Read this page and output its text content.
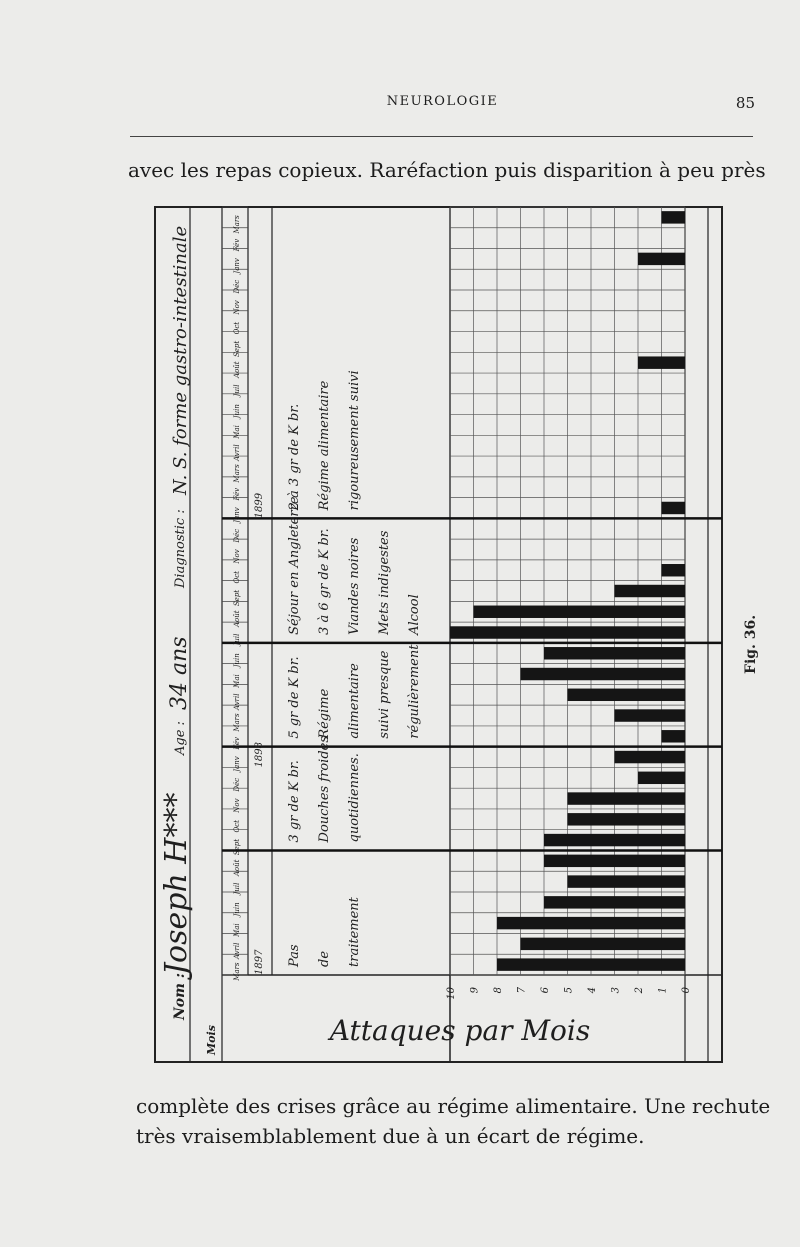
NEUROLOGIE	85
avec les repas copieux. Raréfaction puis disparition à peu près
Mars
Avril
Mai
Juin
Juil
Août
Sept
Oct
Nov
Déc
Janv
Fév
Mars
Avril
Mai
Juin
Juil
Août
Sept
Oct
Nov
Déc
Janv
Fév
Mars
Avril
Mai
Juin
Juil
Août
Sept
Oct
Nov
Déc
Janv
Fév
Mars
1897
1898
1899
10 9 8 7 6 5 4 3 2 1 0
Mois
Nom :
Joseph H***
Age :
34 ans
Diagnostic :
N. S. forme gastro-intestinale
Pas de traitement
3 gr de K br. Douches froides quotidiennes.
5 gr de K br. Régime alimentaire suivi presque régulièrement
Séjour en Angleterre 3 à 6 gr de K br. Viandes noires Mets indigestes Alcool
2 à 3 gr de K br. Régime alimentaire rigoureusement suivi
Attaques par Mois
Fig. 36.
complète des crises grâce au régime alimentaire. Une rechute
très vraisemblablement due à un écart de régime.
